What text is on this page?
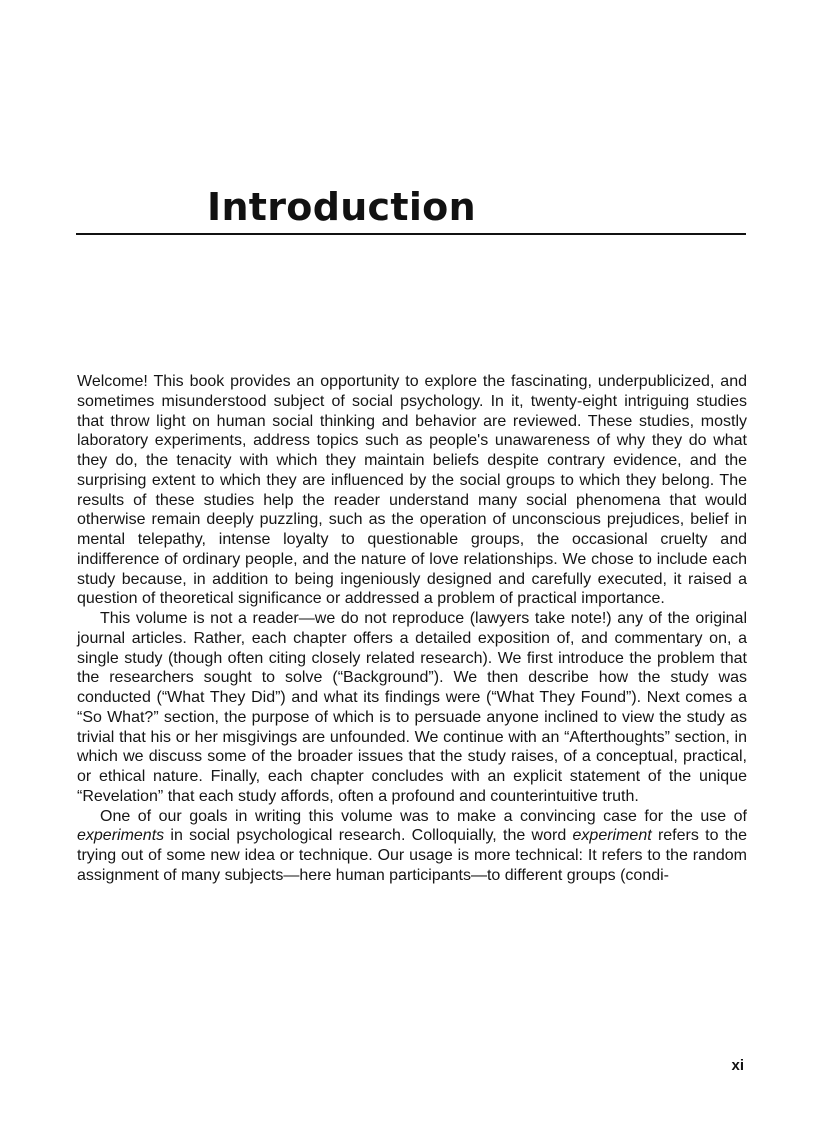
Introduction

Welcome! This book provides an opportunity to explore the fascinating, underpublicized, and sometimes misunderstood subject of social psychology. In it, twenty-eight intriguing studies that throw light on human social thinking and behavior are reviewed. These studies, mostly laboratory experiments, address topics such as people's unawareness of why they do what they do, the tenacity with which they maintain beliefs despite contrary evidence, and the surprising extent to which they are influenced by the social groups to which they belong. The results of these studies help the reader understand many social phenomena that would otherwise remain deeply puzzling, such as the operation of unconscious prejudices, belief in mental telepathy, intense loyalty to questionable groups, the occasional cruelty and indifference of ordinary people, and the nature of love relationships. We chose to include each study because, in addition to being ingeniously designed and carefully executed, it raised a question of theoretical significance or addressed a problem of practical importance.

This volume is not a reader—we do not reproduce (lawyers take note!) any of the original journal articles. Rather, each chapter offers a detailed exposition of, and commentary on, a single study (though often citing closely related research). We first introduce the problem that the researchers sought to solve (“Background”). We then describe how the study was conducted (“What They Did”) and what its findings were (“What They Found”). Next comes a “So What?” section, the purpose of which is to persuade anyone inclined to view the study as trivial that his or her misgivings are unfounded. We continue with an “Afterthoughts” section, in which we discuss some of the broader issues that the study raises, of a conceptual, practical, or ethical nature. Finally, each chapter concludes with an explicit statement of the unique “Revelation” that each study affords, often a profound and counterintuitive truth.

One of our goals in writing this volume was to make a convincing case for the use of experiments in social psychological research. Colloquially, the word experiment refers to the trying out of some new idea or technique. Our usage is more technical: It refers to the random assignment of many subjects—here human participants—to different groups (condi-

xi
